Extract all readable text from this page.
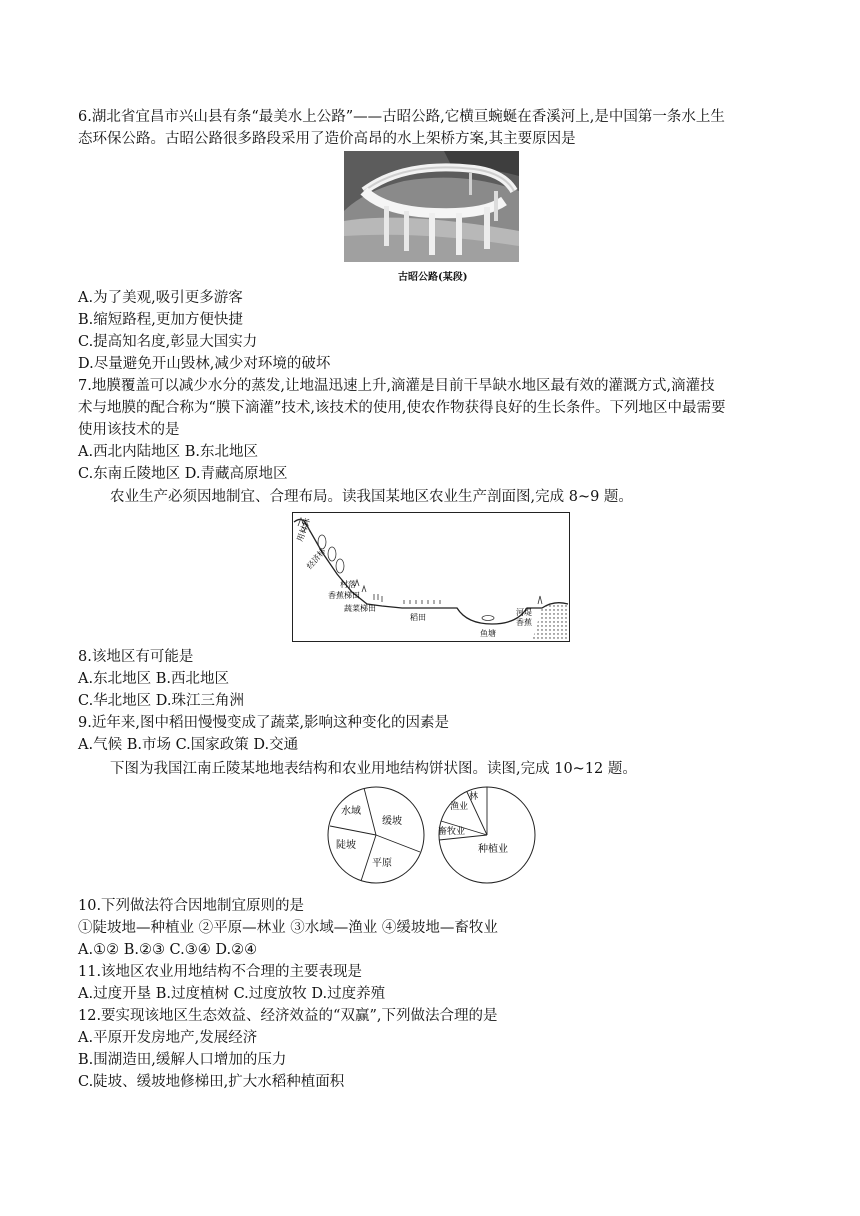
6.湖北省宜昌市兴山县有条“最美水上公路”——古昭公路,它横亘蜿蜒在香溪河上,是中国第一条水上生
态环保公路。古昭公路很多路段采用了造价高昂的水上架桥方案,其主要原因是
古昭公路(某段)
A.为了美观,吸引更多游客
B.缩短路程,更加方便快捷
C.提高知名度,彰显大国实力
D.尽量避免开山毁林,减少对环境的破坏
7.地膜覆盖可以减少水分的蒸发,让地温迅速上升,滴灌是目前干旱缺水地区最有效的灌溉方式,滴灌技
术与地膜的配合称为“膜下滴灌”技术,该技术的使用,使农作物获得良好的生长条件。下列地区中最需要
使用该技术的是
A.西北内陆地区 B.东北地区
C.东南丘陵地区 D.青藏高原地区
农业生产必须因地制宜、合理布局。读我国某地区农业生产剖面图,完成 8~9 题。
用材林
经济林
村落
香蕉梯田
蔬菜梯田
稻田
鱼塘
河堤
香蕉
8.该地区有可能是
A.东北地区 B.西北地区
C.华北地区 D.珠江三角洲
9.近年来,图中稻田慢慢变成了蔬菜,影响这种变化的因素是
A.气候 B.市场 C.国家政策 D.交通
下图为我国江南丘陵某地地表结构和农业用地结构饼状图。读图,完成 10~12 题。
水域
缓坡
陡坡
平原
林
渔业
畜牧业
种植业
10.下列做法符合因地制宜原则的是
①陡坡地—种植业 ②平原—林业 ③水域—渔业 ④缓坡地—畜牧业
A.①② B.②③ C.③④ D.②④
11.该地区农业用地结构不合理的主要表现是
A.过度开垦 B.过度植树 C.过度放牧 D.过度养殖
12.要实现该地区生态效益、经济效益的“双赢”,下列做法合理的是
A.平原开发房地产,发展经济
B.围湖造田,缓解人口增加的压力
C.陡坡、缓坡地修梯田,扩大水稻种植面积
